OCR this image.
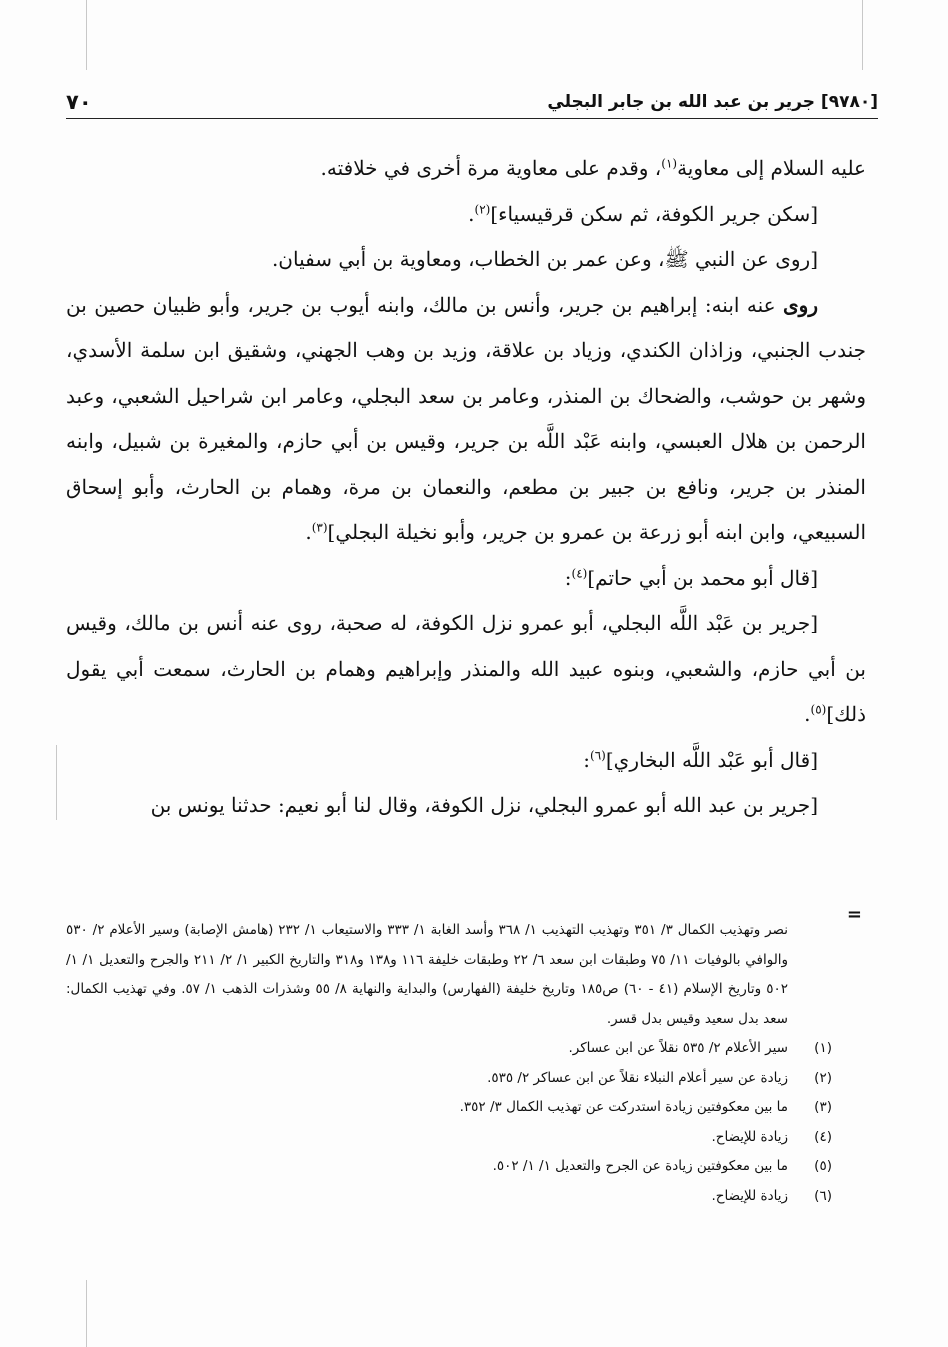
[٩٧٨٠] جرير بن عبد الله بن جابر البجلي
٧٠

عليه السلام إلى معاوية$^{(١)}$، وقدم على معاوية مرة أخرى في خلافته.

[سكن جرير الكوفة، ثم سكن قرقيسياء]$^{(٢)}$.

[روى عن النبي ﷺ، وعن عمر بن الخطاب، ومعاوية بن أبي سفيان.

روى عنه ابنه: إبراهيم بن جرير، وأنس بن مالك، وابنه أيوب بن جرير، وأبو ظبيان حصين بن جندب الجنبي، وزاذان الكندي، وزياد بن علاقة، وزيد بن وهب الجهني، وشقيق ابن سلمة الأسدي، وشهر بن حوشب، والضحاك بن المنذر، وعامر بن سعد البجلي، وعامر ابن شراحيل الشعبي، وعبد الرحمن بن هلال العبسي، وابنه عَبْد اللَّه بن جرير، وقيس بن أبي حازم، والمغيرة بن شبيل، وابنه المنذر بن جرير، ونافع بن جبير بن مطعم، والنعمان بن مرة، وهمام بن الحارث، وأبو إسحاق السبيعي، وابن ابنه أبو زرعة بن عمرو بن جرير، وأبو نخيلة البجلي]$^{(٣)}$.

[قال أبو محمد بن أبي حاتم]$^{(٤)}$:

[جرير بن عَبْد اللَّه البجلي، أبو عمرو نزل الكوفة، له صحبة، روى عنه أنس بن مالك، وقيس بن أبي حازم، والشعبي، وبنوه عبيد الله والمنذر وإبراهيم وهمام بن الحارث، سمعت أبي يقول ذلك]$^{(٥)}$.

[قال أبو عَبْد اللَّه البخاري]$^{(٦)}$:

[جرير بن عبد الله أبو عمرو البجلي، نزل الكوفة، وقال لنا أبو نعيم: حدثنا يونس بن

=

نصر وتهذيب الكمال ٣/ ٣٥١ وتهذيب التهذيب ١/ ٣٦٨ وأسد الغابة ١/ ٣٣٣ والاستيعاب ١/ ٢٣٢ (هامش الإصابة) وسير الأعلام ٢/ ٥٣٠ والوافي بالوفيات ١١/ ٧٥ وطبقات ابن سعد ٦/ ٢٢ وطبقات خليفة ١١٦ و١٣٨ و٣١٨ والتاريخ الكبير ١/ ٢/ ٢١١ والجرح والتعديل ١/ ١/ ٥٠٢ وتاريخ الإسلام (٤١ - ٦٠) ص١٨٥ وتاريخ خليفة (الفهارس) والبداية والنهاية ٨/ ٥٥ وشذرات الذهب ١/ ٥٧. وفي تهذيب الكمال: سعد بدل سعيد وقيس بدل قسر.

(١)
سير الأعلام ٢/ ٥٣٥ نقلاً عن ابن عساكر.
(٢)
زيادة عن سير أعلام النبلاء نقلاً عن ابن عساكر ٢/ ٥٣٥.
(٣)
ما بين معكوفتين زيادة استدركت عن تهذيب الكمال ٣/ ٣٥٢.
(٤)
زيادة للإيضاح.
(٥)
ما بين معكوفتين زيادة عن الجرح والتعديل ١/ ١/ ٥٠٢.
(٦)
زيادة للإيضاح.
